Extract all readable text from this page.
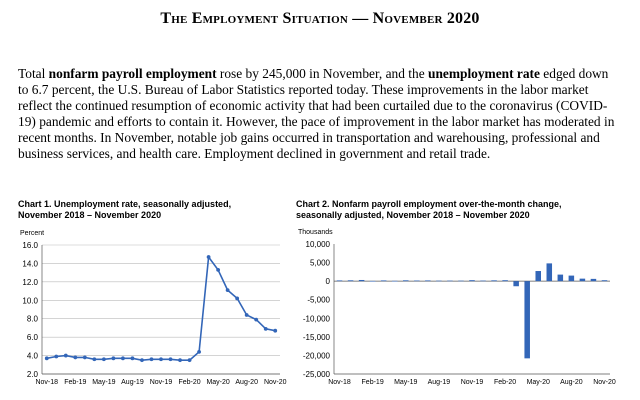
The Employment Situation — November 2020
Total nonfarm payroll employment rose by 245,000 in November, and the unemployment rate edged down to 6.7 percent, the U.S. Bureau of Labor Statistics reported today. These improvements in the labor market reflect the continued resumption of economic activity that had been curtailed due to the coronavirus (COVID-19) pandemic and efforts to contain it. However, the pace of improvement in the labor market has moderated in recent months. In November, notable job gains occurred in transportation and warehousing, professional and business services, and health care. Employment declined in government and retail trade.
Chart 1. Unemployment rate, seasonally adjusted,
November 2018 – November 2020
Chart 2. Nonfarm payroll employment over-the-month change,
seasonally adjusted, November 2018 – November 2020
Percent
16.0
14.0
12.0
10.0
8.0
6.0
4.0
2.0
Nov-18 Feb-19 May-19 Aug-19 Nov-19 Feb-20 May-20 Aug-20 Nov-20
Thousands
10,000
5,000
0
-5,000
-10,000
-15,000
-20,000
-25,000
Nov-18 Feb-19 May-19 Aug-19 Nov-19 Feb-20 May-20 Aug-20 Nov-20
